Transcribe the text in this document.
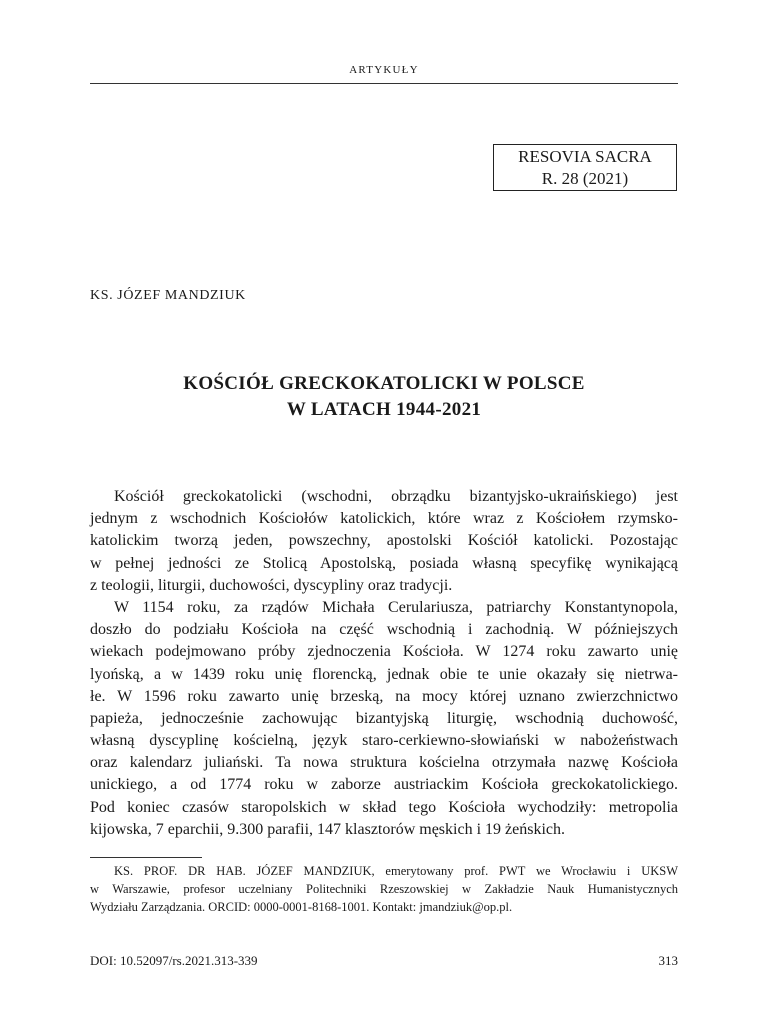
ARTYKUŁY
RESOVIA SACRA
R. 28 (2021)
KS. JÓZEF MANDZIUK
KOŚCIÓŁ GRECKOKATOLICKI W POLSCE
W LATACH 1944-2021
Kościół greckokatolicki (wschodni, obrządku bizantyjsko-ukraińskiego) jest
jednym z wschodnich Kościołów katolickich, które wraz z Kościołem rzymsko-
katolickim tworzą jeden, powszechny, apostolski Kościół katolicki. Pozostając
w pełnej jedności ze Stolicą Apostolską, posiada własną specyfikę wynikającą
z teologii, liturgii, duchowości, dyscypliny oraz tradycji.
W 1154 roku, za rządów Michała Cerulariusza, patriarchy Konstantynopola,
doszło do podziału Kościoła na część wschodnią i zachodnią. W późniejszych
wiekach podejmowano próby zjednoczenia Kościoła. W 1274 roku zawarto unię
lyońską, a w 1439 roku unię florencką, jednak obie te unie okazały się nietrwa-
łe. W 1596 roku zawarto unię brzeską, na mocy której uznano zwierzchnictwo
papieża, jednocześnie zachowując bizantyjską liturgię, wschodnią duchowość,
własną dyscyplinę kościelną, język staro-cerkiewno-słowiański w nabożeństwach
oraz kalendarz juliański. Ta nowa struktura kościelna otrzymała nazwę Kościoła
unickiego, a od 1774 roku w zaborze austriackim Kościoła greckokatolickiego.
Pod koniec czasów staropolskich w skład tego Kościoła wychodziły: metropolia
kijowska, 7 eparchii, 9.300 parafii, 147 klasztorów męskich i 19 żeńskich.
KS. PROF. DR HAB. JÓZEF MANDZIUK, emerytowany prof. PWT we Wrocławiu i UKSW
w Warszawie, profesor uczelniany Politechniki Rzeszowskiej w Zakładzie Nauk Humanistycznych
Wydziału Zarządzania. ORCID: 0000-0001-8168-1001. Kontakt: jmandziuk@op.pl.
DOI: 10.52097/rs.2021.313-339	313
